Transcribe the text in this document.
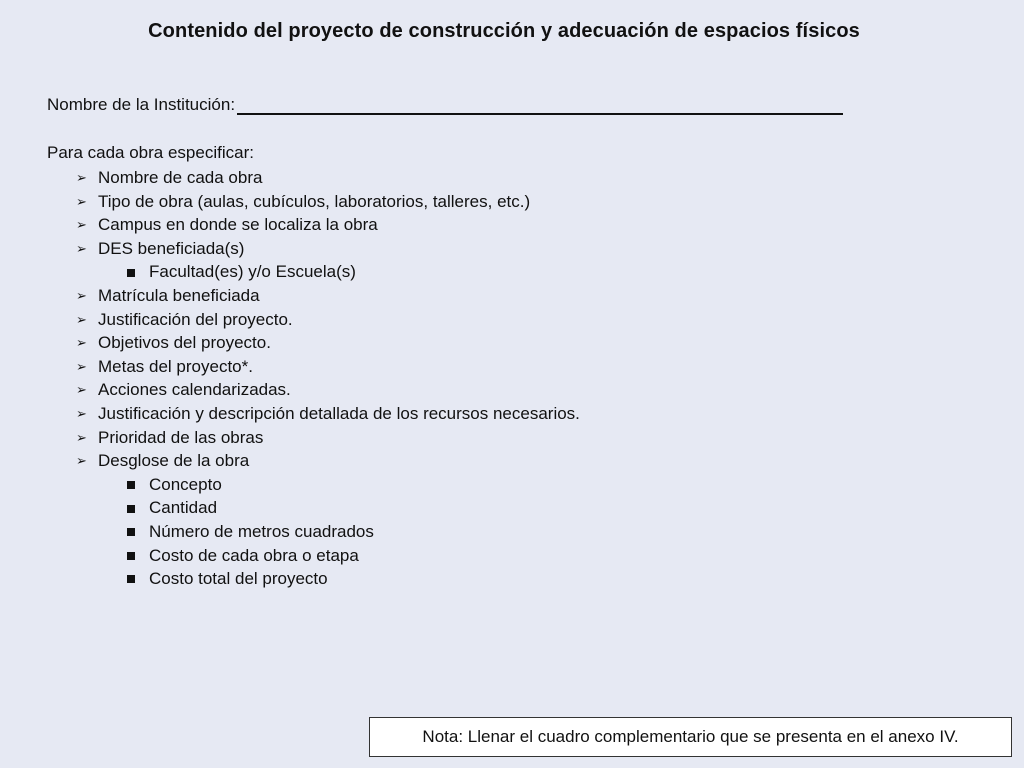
Contenido del proyecto de construcción y adecuación de espacios físicos
Nombre de la Institución:
Para cada obra especificar:
➢ Nombre de cada obra
➢ Tipo de obra (aulas, cubículos, laboratorios, talleres, etc.)
➢ Campus en donde se localiza la obra
➢ DES beneficiada(s)
Facultad(es) y/o Escuela(s)
➢ Matrícula beneficiada
➢ Justificación del proyecto.
➢ Objetivos del proyecto.
➢ Metas del proyecto*.
➢ Acciones calendarizadas.
➢ Justificación y descripción detallada de los recursos necesarios.
➢ Prioridad de las obras
➢ Desglose de la obra
Concepto
Cantidad
Número de metros cuadrados
Costo de cada obra o etapa
Costo total del proyecto
Nota: Llenar el cuadro complementario que se presenta en el anexo IV.
